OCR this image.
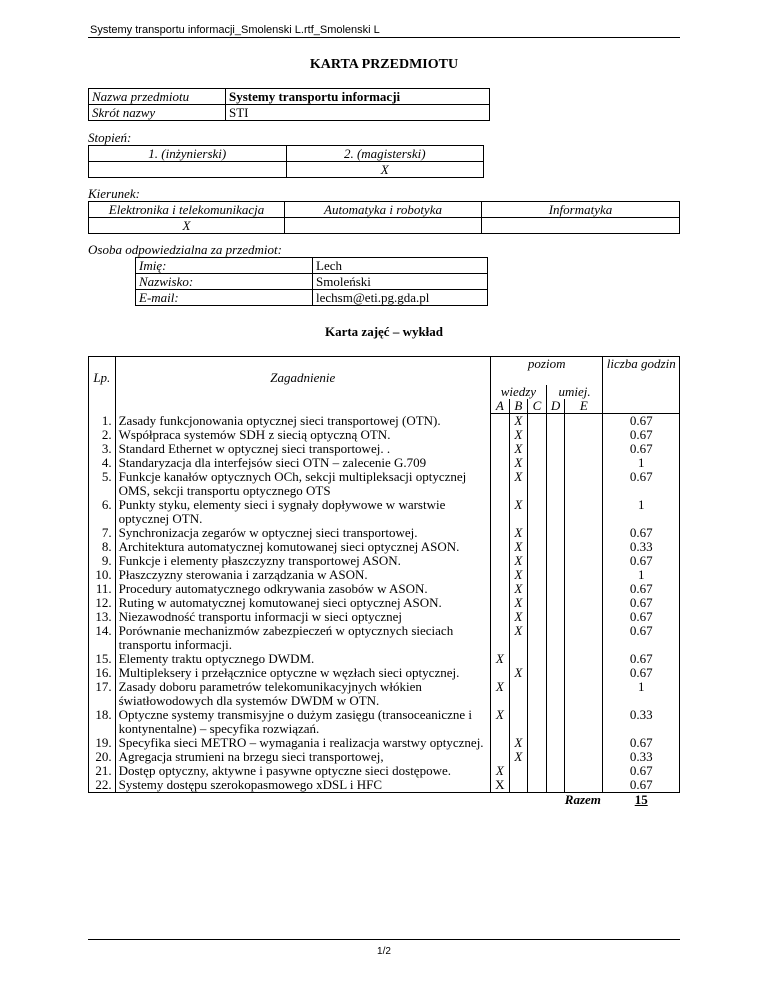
Systemy transportu informacji_Smolenski L.rtf_Smolenski L
KARTA PRZEDMIOTU
Nazwa przedmiotu	Systemy transportu informacji
Skrót nazwy	STI
Stopień:
1. (inżynierski)	2. (magisterski)
	X
Kierunek:
Elektronika i telekomunikacja	Automatyka i robotyka	Informatyka
X		
Osoba odpowiedzialna za przedmiot:
Imię:	Lech
Nazwisko:	Smoleński
E-mail:	lechsm@eti.pg.gda.pl
Karta zajęć – wykład
		poziom					liczba godzin
Lp.	Zagadnienie						
		wiedzy			umiej.		
		A	B	C	D	E	
1.	Zasady funkcjonowania optycznej sieci transportowej (OTN).		X				0.67
2.	Współpraca systemów SDH z siecią optyczną OTN.		X				0.67
3.	Standard Ethernet w optycznej sieci transportowej. .		X				0.67
4.	Standaryzacja dla interfejsów sieci OTN – zalecenie G.709		X				1
5.	Funkcje kanałów optycznych OCh, sekcji multipleksacji optycznej OMS, sekcji transportu optycznego OTS		X				0.67
6.	Punkty styku, elementy sieci i sygnały dopływowe w warstwie optycznej OTN.		X				1
7.	Synchronizacja zegarów w optycznej sieci transportowej.		X				0.67
8.	Architektura automatycznej komutowanej sieci optycznej ASON.		X				0.33
9.	Funkcje i elementy płaszczyzny transportowej ASON.		X				0.67
10.	Płaszczyzny sterowania i zarządzania w ASON.		X				1
11.	Procedury automatycznego odkrywania zasobów w ASON.		X				0.67
12.	Ruting w automatycznej komutowanej sieci optycznej ASON.		X				0.67
13.	Niezawodność transportu informacji w sieci optycznej		X				0.67
14.	Porównanie mechanizmów zabezpieczeń w optycznych sieciach transportu informacji.		X				0.67
15.	Elementy traktu optycznego DWDM.	X					0.67
16.	Multipleksery i przełącznice optyczne w węzłach sieci optycznej.		X				0.67
17.	Zasady doboru parametrów telekomunikacyjnych włókien światłowodowych dla systemów DWDM w OTN.	X					1
18.	Optyczne systemy transmisyjne o dużym zasięgu (transoceaniczne i kontynentalne) – specyfika rozwiązań.	X					0.33
19.	Specyfika sieci METRO – wymagania i realizacja warstwy optycznej.		X				0.67
20.	Agregacja strumieni na brzegu sieci transportowej,		X				0.33
21.	Dostęp optyczny, aktywne i pasywne optyczne sieci dostępowe.	X					0.67
22.	Systemy dostępu szerokopasmowego xDSL i HFC	X					0.67
						Razem	15
1/2
